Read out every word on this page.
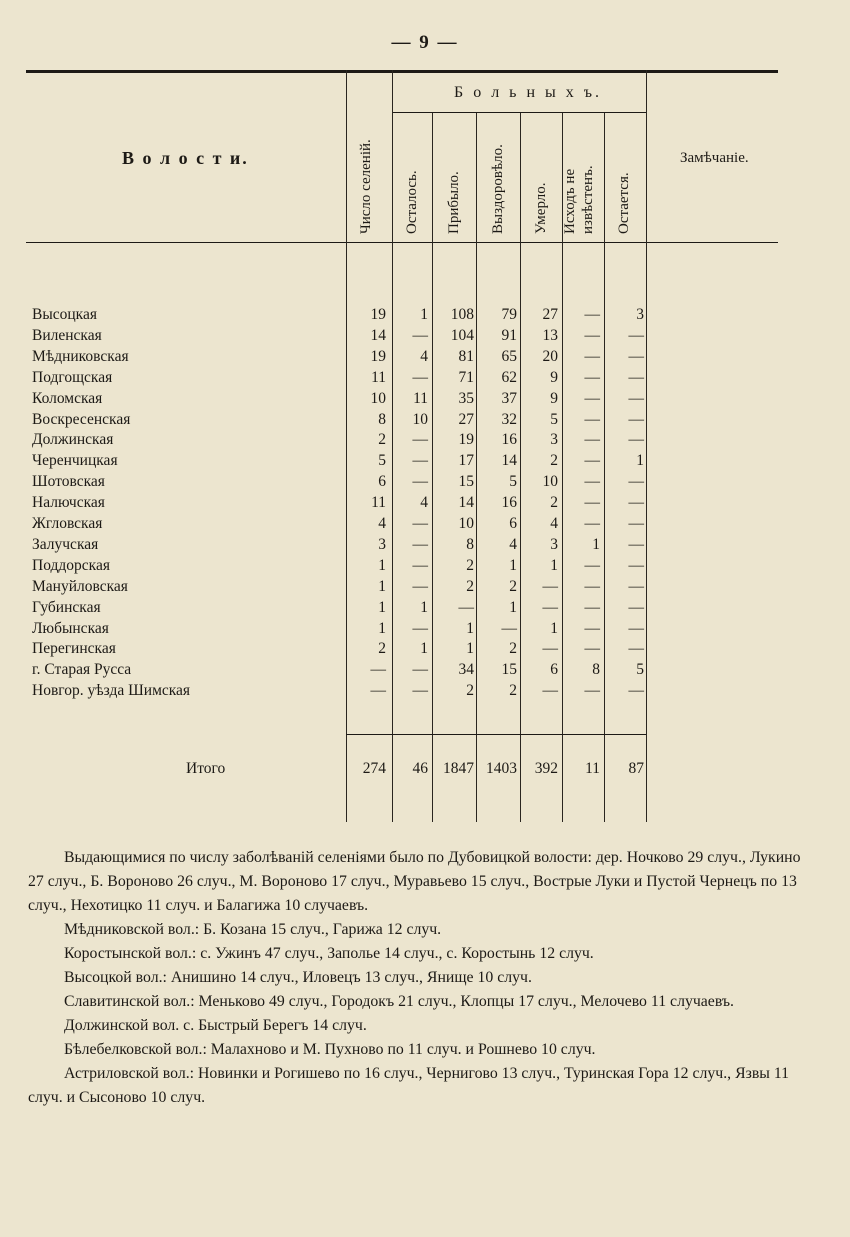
— 9 —
В о л о с т и.
Б о л ь н ы х ъ.
Замѣчаніе.
Число селеній. Осталось. Прибыло. Выздоровѣло. Умерло. Исходъ не извѣстенъ. Остается.
Высоцкая	19 1 108 79 27 — 3
Виленская	14 — 104 91 13 — —
Мѣдниковская	19 4 81 65 20 — —
Подгощская	11 — 71 62 9 — —
Коломская	10 11 35 37 9 — —
Воскресенская	8 10 27 32 5 — —
Должинская	2 — 19 16 3 — —
Черенчицкая	5 — 17 14 2 — 1
Шотовская	6 — 15 5 10 — —
Налючская	11 4 14 16 2 — —
Жгловская	4 — 10 6 4 — —
Залучская	3 — 8 4 3 1 —
Поддорская	1 — 2 1 1 — —
Мануйловская	1 — 2 2 — — —
Губинская	1 1 — 1 — — —
Любынская	1 — 1 — 1 — —
Перегинская	2 1 1 2 — — —
г. Старая Русса	— — 34 15 6 8 5
Новгор. уѣзда Шимская	— — 2 2 — — —
Итого	274 46 1847 1403 392 11 87

Выдающимися по числу заболѣваній селеніями было по Дубовицкой волости: дер. Ночково 29 случ., Лукино 27 случ., Б. Вороново 26 случ., М. Вороново 17 случ., Муравьево 15 случ., Вострые Луки и Пустой Чернецъ по 13 случ., Нехотицко 11 случ. и Балагижа 10 случаевъ.

Мѣдниковской вол.: Б. Козана 15 случ., Гарижа 12 случ.

Коростынской вол.: с. Ужинъ 47 случ., Заполье 14 случ., с. Коростынь 12 случ.

Высоцкой вол.: Анишино 14 случ., Иловецъ 13 случ., Янище 10 случ.

Славитинской вол.: Меньково 49 случ., Городокъ 21 случ., Клопцы 17 случ., Мелочево 11 случаевъ.

Должинской вол. с. Быстрый Берегъ 14 случ.

Бѣлебелковской вол.: Малахново и М. Пухново по 11 случ. и Рошнево 10 случ.

Астриловской вол.: Новинки и Рогишево по 16 случ., Чернигово 13 случ., Туринская Гора 12 случ., Язвы 11 случ. и Сысоново 10 случ.
